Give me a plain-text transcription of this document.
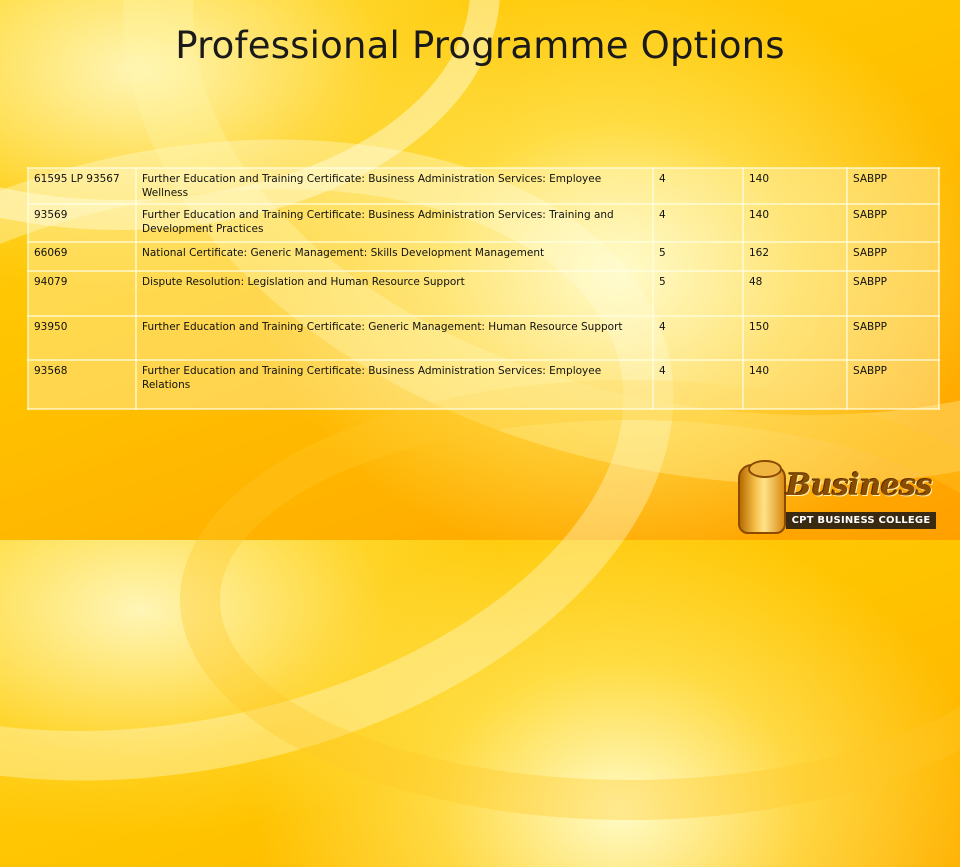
Professional Programme Options
61595 LP 93567	Further Education and Training Certificate: Business Administration Services: Employee Wellness	4	140	SABPP
93569	Further Education and Training Certificate: Business Administration Services: Training and Development Practices	4	140	SABPP
66069	National Certificate: Generic Management: Skills Development Management	5	162	SABPP
94079	Dispute Resolution: Legislation and Human Resource Support	5	48	SABPP
93950	Further Education and Training Certificate: Generic Management: Human Resource Support	4	150	SABPP
93568	Further Education and Training Certificate: Business Administration Services: Employee Relations	4	140	SABPP
Business
CPT BUSINESS COLLEGE
